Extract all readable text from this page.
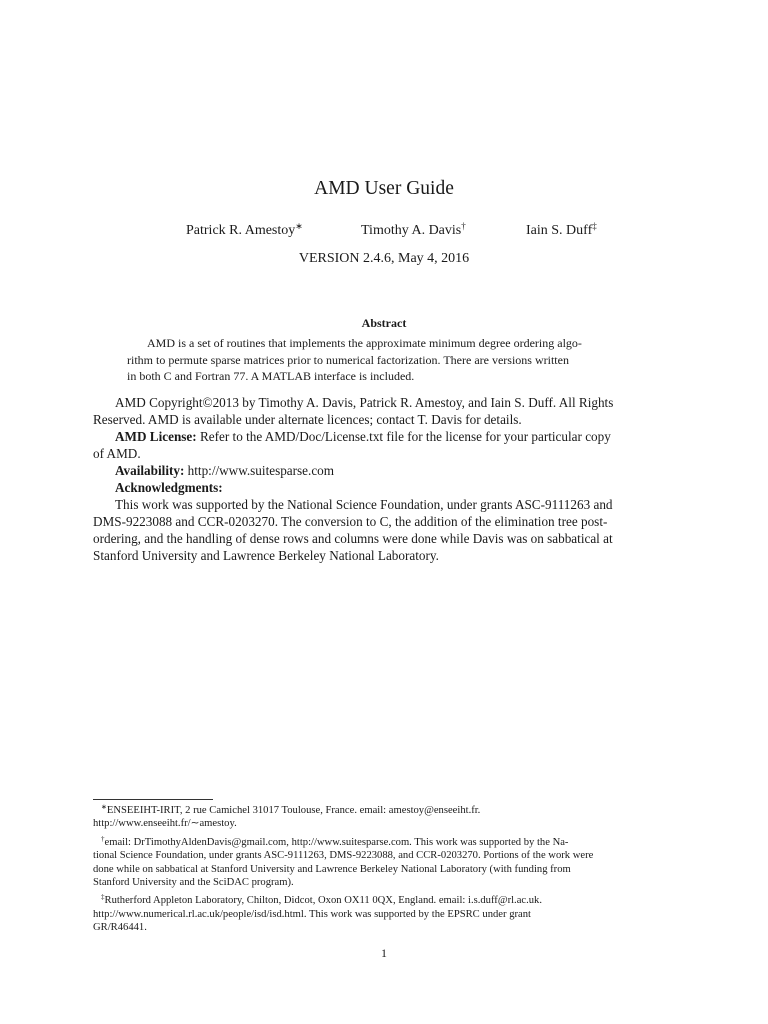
AMD User Guide
Patrick R. Amestoy∗	Timothy A. Davis†	Iain S. Duff‡
VERSION 2.4.6, May 4, 2016
Abstract
AMD is a set of routines that implements the approximate minimum degree ordering algo-
rithm to permute sparse matrices prior to numerical factorization. There are versions written
in both C and Fortran 77. A MATLAB interface is included.
AMD Copyright©2013 by Timothy A. Davis, Patrick R. Amestoy, and Iain S. Duff. All Rights
Reserved. AMD is available under alternate licences; contact T. Davis for details.
AMD License: Refer to the AMD/Doc/License.txt file for the license for your particular copy
of AMD.
Availability: http://www.suitesparse.com
Acknowledgments:
This work was supported by the National Science Foundation, under grants ASC-9111263 and
DMS-9223088 and CCR-0203270. The conversion to C, the addition of the elimination tree post-
ordering, and the handling of dense rows and columns were done while Davis was on sabbatical at
Stanford University and Lawrence Berkeley National Laboratory.
∗ENSEEIHT-IRIT, 2 rue Camichel 31017 Toulouse, France. email: amestoy@enseeiht.fr.
http://www.enseeiht.fr/∼amestoy.
†email: DrTimothyAldenDavis@gmail.com, http://www.suitesparse.com. This work was supported by the Na-
tional Science Foundation, under grants ASC-9111263, DMS-9223088, and CCR-0203270. Portions of the work were
done while on sabbatical at Stanford University and Lawrence Berkeley National Laboratory (with funding from
Stanford University and the SciDAC program).
‡Rutherford Appleton Laboratory, Chilton, Didcot, Oxon OX11 0QX, England. email: i.s.duff@rl.ac.uk.
http://www.numerical.rl.ac.uk/people/isd/isd.html. This work was supported by the EPSRC under grant
GR/R46441.
1
